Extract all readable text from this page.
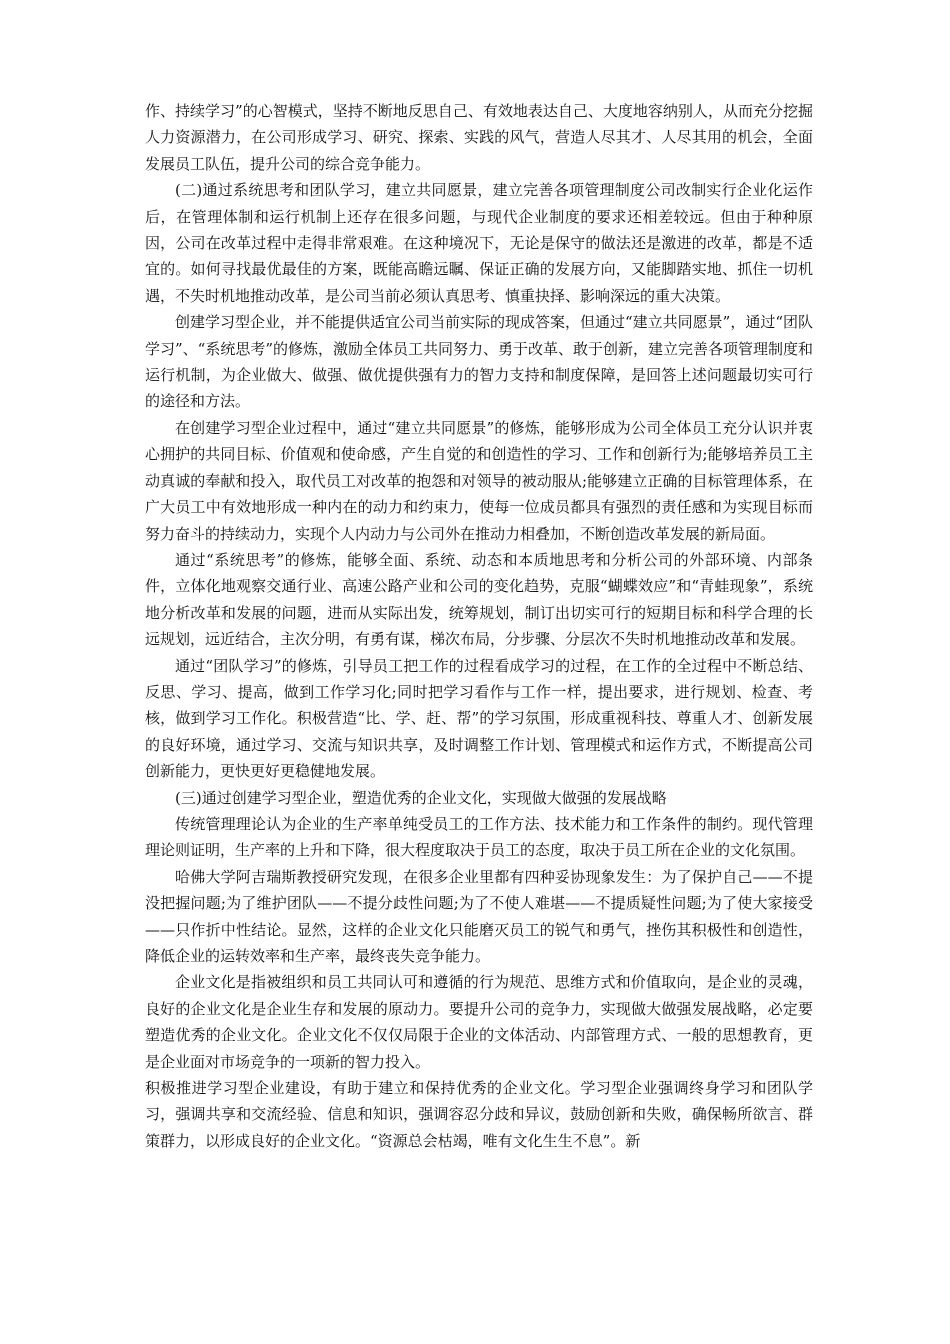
作、持续学习”的心智模式，坚持不断地反思自己、有效地表达自己、大度地容纳别人，从而充分挖掘人力资源潜力，在公司形成学习、研究、探索、实践的风气，营造人尽其才、人尽其用的机会，全面发展员工队伍，提升公司的综合竞争能力。

(二)通过系统思考和团队学习，建立共同愿景，建立完善各项管理制度公司改制实行企业化运作后，在管理体制和运行机制上还存在很多问题，与现代企业制度的要求还相差较远。但由于种种原因，公司在改革过程中走得非常艰难。在这种境况下，无论是保守的做法还是激进的改革，都是不适宜的。如何寻找最优最佳的方案，既能高瞻远瞩、保证正确的发展方向，又能脚踏实地、抓住一切机遇，不失时机地推动改革，是公司当前必须认真思考、慎重抉择、影响深远的重大决策。

创建学习型企业，并不能提供适宜公司当前实际的现成答案，但通过“建立共同愿景”，通过“团队学习”、“系统思考”的修炼，激励全体员工共同努力、勇于改革、敢于创新，建立完善各项管理制度和运行机制，为企业做大、做强、做优提供强有力的智力支持和制度保障，是回答上述问题最切实可行的途径和方法。

在创建学习型企业过程中，通过“建立共同愿景”的修炼，能够形成为公司全体员工充分认识并衷心拥护的共同目标、价值观和使命感，产生自觉的和创造性的学习、工作和创新行为;能够培养员工主动真诚的奉献和投入，取代员工对改革的抱怨和对领导的被动服从;能够建立正确的目标管理体系，在广大员工中有效地形成一种内在的动力和约束力，使每一位成员都具有强烈的责任感和为实现目标而努力奋斗的持续动力，实现个人内动力与公司外在推动力相叠加，不断创造改革发展的新局面。

通过“系统思考”的修炼，能够全面、系统、动态和本质地思考和分析公司的外部环境、内部条件，立体化地观察交通行业、高速公路产业和公司的变化趋势，克服“蝴蝶效应”和“青蛙现象”，系统地分析改革和发展的问题，进而从实际出发，统筹规划，制订出切实可行的短期目标和科学合理的长远规划，远近结合，主次分明，有勇有谋，梯次布局，分步骤、分层次不失时机地推动改革和发展。

通过“团队学习”的修炼，引导员工把工作的过程看成学习的过程，在工作的全过程中不断总结、反思、学习、提高，做到工作学习化;同时把学习看作与工作一样，提出要求，进行规划、检查、考核，做到学习工作化。积极营造“比、学、赶、帮”的学习氛围，形成重视科技、尊重人才、创新发展的良好环境，通过学习、交流与知识共享，及时调整工作计划、管理模式和运作方式，不断提高公司创新能力，更快更好更稳健地发展。

(三)通过创建学习型企业，塑造优秀的企业文化，实现做大做强的发展战略

传统管理理论认为企业的生产率单纯受员工的工作方法、技术能力和工作条件的制约。现代管理理论则证明，生产率的上升和下降，很大程度取决于员工的态度，取决于员工所在企业的文化氛围。

哈佛大学阿吉瑞斯教授研究发现，在很多企业里都有四种妥协现象发生：为了保护自己——不提没把握问题;为了维护团队——不提分歧性问题;为了不使人难堪——不提质疑性问题;为了使大家接受——只作折中性结论。显然，这样的企业文化只能磨灭员工的锐气和勇气，挫伤其积极性和创造性，降低企业的运转效率和生产率，最终丧失竞争能力。

企业文化是指被组织和员工共同认可和遵循的行为规范、思维方式和价值取向，是企业的灵魂，良好的企业文化是企业生存和发展的原动力。要提升公司的竞争力，实现做大做强发展战略，必定要塑造优秀的企业文化。企业文化不仅仅局限于企业的文体活动、内部管理方式、一般的思想教育，更是企业面对市场竞争的一项新的智力投入。

积极推进学习型企业建设，有助于建立和保持优秀的企业文化。学习型企业强调终身学习和团队学习，强调共享和交流经验、信息和知识，强调容忍分歧和异议，鼓励创新和失败，确保畅所欲言、群策群力，以形成良好的企业文化。“资源总会枯竭，唯有文化生生不息”。新
